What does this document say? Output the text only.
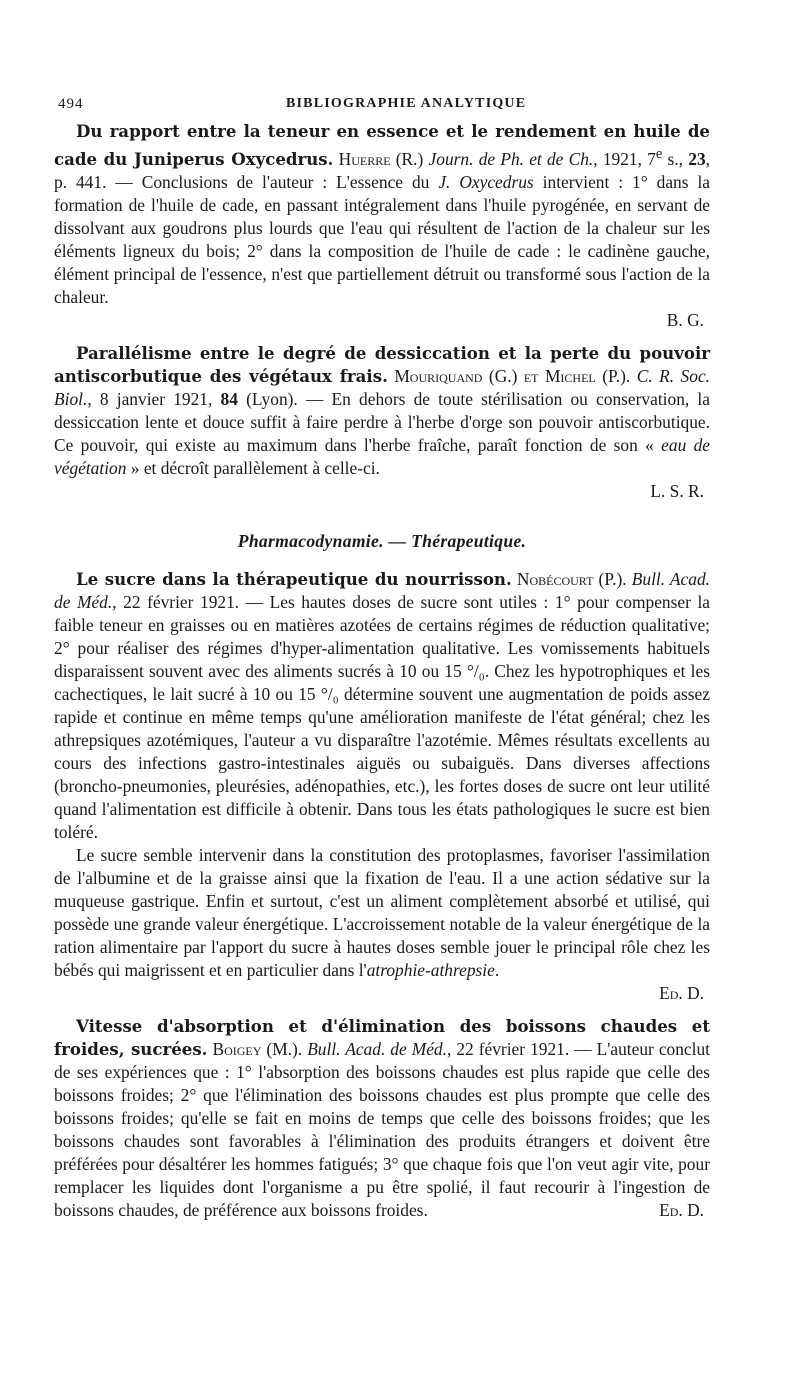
494	BIBLIOGRAPHIE ANALYTIQUE

Du rapport entre la teneur en essence et le rendement en huile de cade du Juniperus Oxycedrus. Huerre (R.) Journ. de Ph. et de Ch., 1921, 7e s., 23, p. 441. — Conclusions de l'auteur : L'essence du J. Oxycedrus intervient : 1° dans la formation de l'huile de cade, en passant intégralement dans l'huile pyrogénée, en servant de dissolvant aux goudrons plus lourds que l'eau qui résultent de l'action de la chaleur sur les éléments ligneux du bois; 2° dans la composition de l'huile de cade : le cadinène gauche, élément principal de l'essence, n'est que partiellement détruit ou transformé sous l'action de la chaleur.

B. G.

Parallélisme entre le degré de dessiccation et la perte du pouvoir antiscorbutique des végétaux frais. Mouriquand (G.) et Michel (P.). C. R. Soc. Biol., 8 janvier 1921, 84 (Lyon). — En dehors de toute stérilisation ou conservation, la dessiccation lente et douce suffit à faire perdre à l'herbe d'orge son pouvoir antiscorbutique. Ce pouvoir, qui existe au maximum dans l'herbe fraîche, paraît fonction de son « eau de végétation » et décroît parallèlement à celle-ci.

L. S. R.

Pharmacodynamie. — Thérapeutique.

Le sucre dans la thérapeutique du nourrisson. Nobécourt (P.). Bull. Acad. de Méd., 22 février 1921. — Les hautes doses de sucre sont utiles : 1° pour compenser la faible teneur en graisses ou en matières azotées de certains régimes de réduction qualitative; 2° pour réaliser des régimes d'hyper-alimentation qualitative. Les vomissements habituels disparaissent souvent avec des aliments sucrés à 10 ou 15 °/₀. Chez les hypotrophiques et les cachectiques, le lait sucré à 10 ou 15 °/₀ détermine souvent une augmentation de poids assez rapide et continue en même temps qu'une amélioration manifeste de l'état général; chez les athrepsiques azotémiques, l'auteur a vu disparaître l'azotémie. Mêmes résultats excellents au cours des infections gastro-intestinales aiguës ou subaiguës. Dans diverses affections (broncho-pneumonies, pleurésies, adénopathies, etc.), les fortes doses de sucre ont leur utilité quand l'alimentation est difficile à obtenir. Dans tous les états pathologiques le sucre est bien toléré.

Le sucre semble intervenir dans la constitution des protoplasmes, favoriser l'assimilation de l'albumine et de la graisse ainsi que la fixation de l'eau. Il a une action sédative sur la muqueuse gastrique. Enfin et surtout, c'est un aliment complètement absorbé et utilisé, qui possède une grande valeur énergétique. L'accroissement notable de la valeur énergétique de la ration alimentaire par l'apport du sucre à hautes doses semble jouer le principal rôle chez les bébés qui maigrissent et en particulier dans l'atrophie-athrepsie.

Ed. D.

Vitesse d'absorption et d'élimination des boissons chaudes et froides, sucrées. Boigey (M.). Bull. Acad. de Méd., 22 février 1921. — L'auteur conclut de ses expériences que : 1° l'absorption des boissons chaudes est plus rapide que celle des boissons froides; 2° que l'élimination des boissons chaudes est plus prompte que celle des boissons froides; qu'elle se fait en moins de temps que celle des boissons froides; que les boissons chaudes sont favorables à l'élimination des produits étrangers et doivent être préférées pour désaltérer les hommes fatigués; 3° que chaque fois que l'on veut agir vite, pour remplacer les liquides dont l'organisme a pu être spolié, il faut recourir à l'ingestion de boissons chaudes, de préférence aux boissons froides.	Ed. D.
